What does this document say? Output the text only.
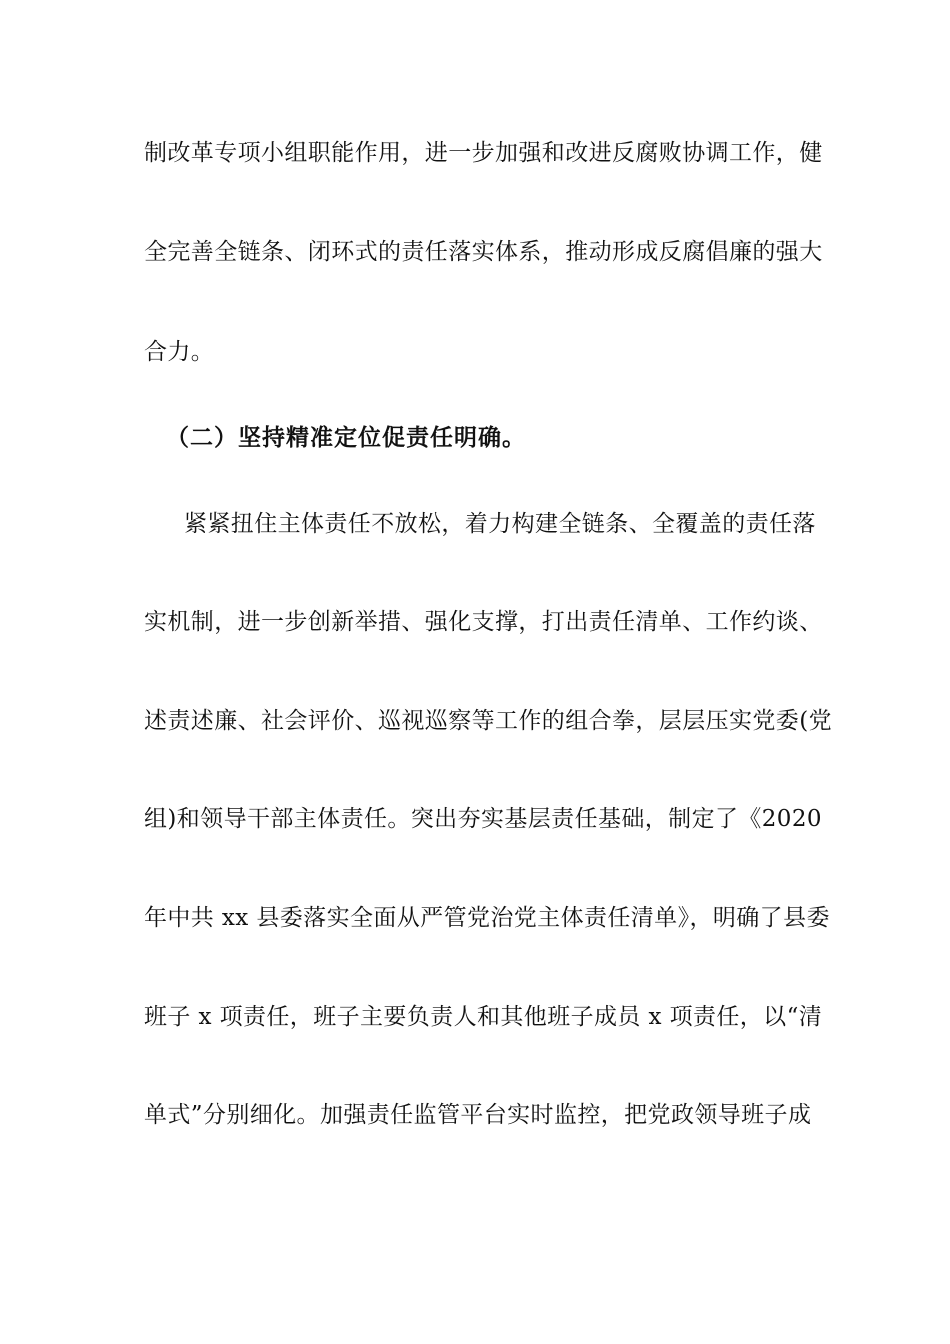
制改革专项小组职能作用，进一步加强和改进反腐败协调工作，健
全完善全链条、闭环式的责任落实体系，推动形成反腐倡廉的强大
合力。
（二）坚持精准定位促责任明确。
紧紧扭住主体责任不放松，着力构建全链条、全覆盖的责任落
实机制，进一步创新举措、强化支撑，打出责任清单、工作约谈、
述责述廉、社会评价、巡视巡察等工作的组合拳，层层压实党委(党
组)和领导干部主体责任。突出夯实基层责任基础，制定了《2020
年中共 xx 县委落实全面从严管党治党主体责任清单》，明确了县委
班子 x 项责任，班子主要负责人和其他班子成员 x 项责任，以“清
单式”分别细化。加强责任监管平台实时监控，把党政领导班子成
